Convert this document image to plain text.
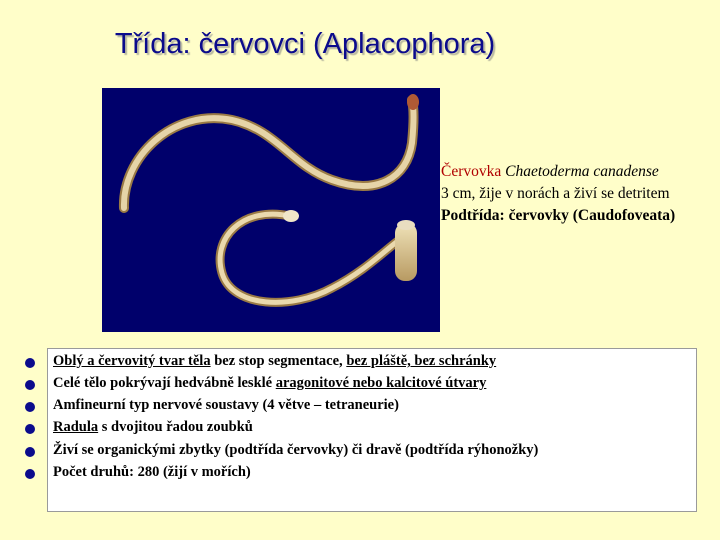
Třída: červovci (Aplacophora)
Červovka Chaetoderma canadense
3 cm, žije v norách a živí se detritem
Podtřída: červovky (Caudofoveata)
Oblý a červovitý tvar těla bez stop segmentace, bez pláště, bez schránky
Celé tělo pokrývají hedvábně lesklé aragonitové nebo kalcitové útvary
Amfineurní typ nervové soustavy (4 větve – tetraneurie)
Radula s dvojitou řadou zoubků
Živí se organickými zbytky (podtřída červovky) či dravě (podtřída rýhonožky)
Počet druhů: 280 (žijí v mořích)
